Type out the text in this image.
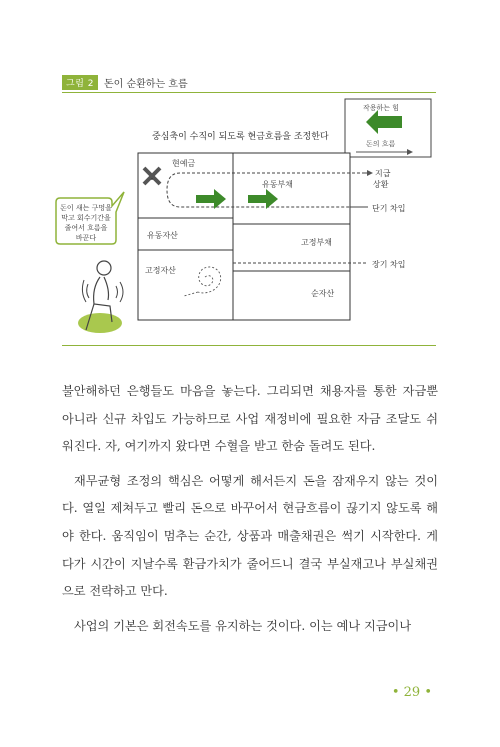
그림 2	돈이 순환하는 흐름
작용하는 힘
돈의 흐름
중심축이 수직이 되도록 현금흐름을 조정한다
현예금
유동자산
고정자산
유동부채
고정부채
순자산
지급
상환
단기 차입
장기 차입
돈이 새는 구멍을
막고 회수기간을
줄여서 흐름을
바꾼다

불안해하던 은행들도 마음을 놓는다. 그리되면 채용자를 통한 자금뿐 아니라 신규 차입도 가능하므로 사업 재정비에 필요한 자금 조달도 쉬워진다. 자, 여기까지 왔다면 수혈을 받고 한숨 돌려도 된다.

재무균형 조정의 핵심은 어떻게 해서든지 돈을 잠재우지 않는 것이다. 열일 제쳐두고 빨리 돈으로 바꾸어서 현금흐름이 끊기지 않도록 해야 한다. 움직임이 멈추는 순간, 상품과 매출채권은 썩기 시작한다. 게다가 시간이 지날수록 환금가치가 줄어드니 결국 부실재고나 부실채권으로 전락하고 만다.

사업의 기본은 회전속도를 유지하는 것이다. 이는 예나 지금이나

• 29 •
